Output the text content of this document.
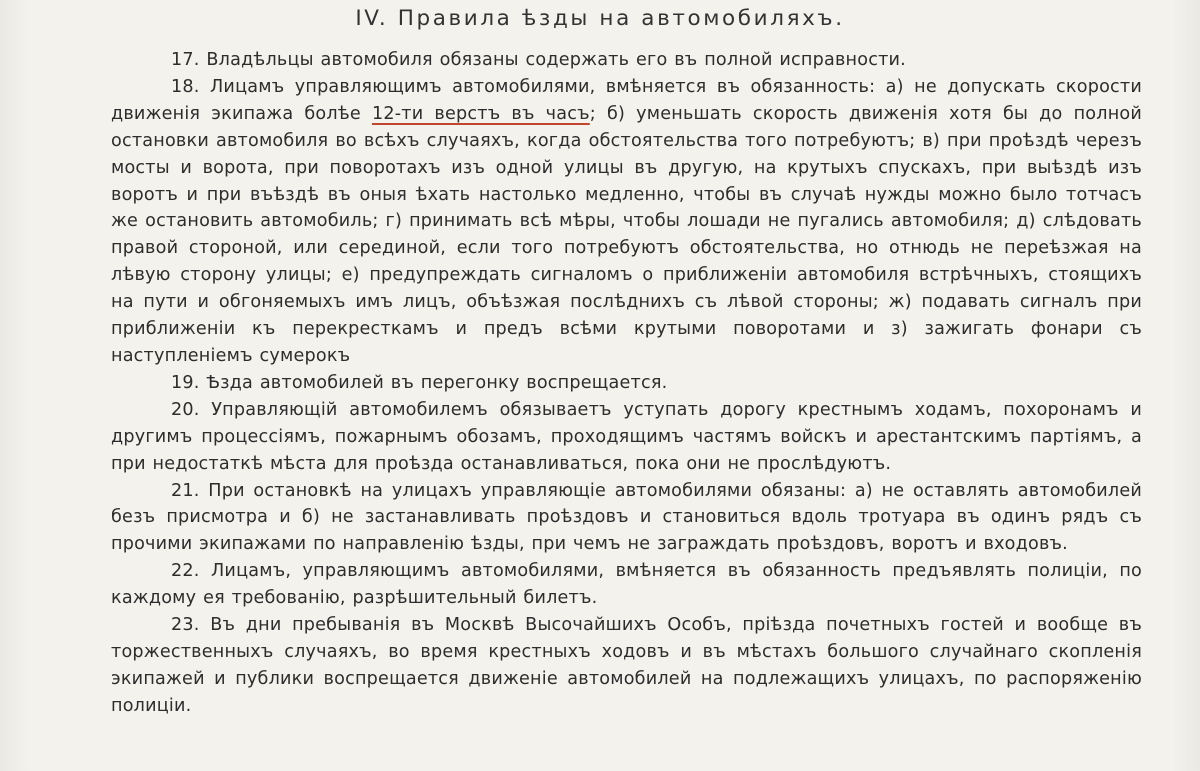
IV. Правила ѣзды на автомобиляхъ.

17. Владѣльцы автомобиля обязаны содержать его въ полной исправности.

18. Лицамъ управляющимъ автомобилями, вмѣняется въ обязанность: а) не допускать скорости движенія экипажа болѣе 12-ти верстъ въ часъ; б) уменьшать скорость движенія хотя бы до полной остановки автомобиля во всѣхъ случаяхъ, когда обстоятельства того потребуютъ; в) при проѣздѣ черезъ мосты и ворота, при поворотахъ изъ одной улицы въ другую, на крутыхъ спускахъ, при выѣздѣ изъ воротъ и при въѣздѣ въ оныя ѣхать настолько медленно, чтобы въ случаѣ нужды можно было тотчасъ же остановить автомобиль; г) принимать всѣ мѣры, чтобы лошади не пугались автомобиля; д) слѣдовать правой стороной, или серединой, если того потребуютъ обстоятельства, но отнюдь не переѣзжая на лѣвую сторону улицы; е) предупреждать сигналомъ о приближеніи автомобиля встрѣчныхъ, стоящихъ на пути и обгоняемыхъ имъ лицъ, объѣзжая послѣднихъ съ лѣвой стороны; ж) подавать сигналъ при приближеніи къ перекресткамъ и предъ всѣми крутыми поворотами и з) зажигать фонари съ наступленіемъ сумерокъ

19. Ѣзда автомобилей въ перегонку воспрещается.

20. Управляющій автомобилемъ обязываетъ уступать дорогу крестнымъ ходамъ, похоронамъ и другимъ процессіямъ, пожарнымъ обозамъ, проходящимъ частямъ войскъ и арестантскимъ партіямъ, а при недостаткѣ мѣста для проѣзда останавливаться, пока они не прослѣдуютъ.

21. При остановкѣ на улицахъ управляющіе автомобилями обязаны: а) не оставлять автомобилей безъ присмотра и б) не застанавливать проѣздовъ и становиться вдоль тротуара въ одинъ рядъ съ прочими экипажами по направленію ѣзды, при чемъ не заграждать проѣздовъ, воротъ и входовъ.

22. Лицамъ, управляющимъ автомобилями, вмѣняется въ обязанность предъявлять полиціи, по каждому ея требованію, разрѣшительный билетъ.

23. Въ дни пребыванія въ Москвѣ Высочайшихъ Особъ, пріѣзда почетныхъ гостей и вообще въ торжественныхъ случаяхъ, во время крестныхъ ходовъ и въ мѣстахъ большого случайнаго скопленія экипажей и публики воспрещается движеніе автомобилей на подлежащихъ улицахъ, по распоряженію полиціи.
